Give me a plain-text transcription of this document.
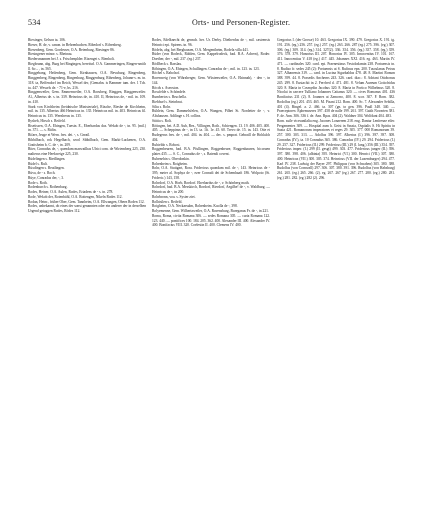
534	Orts- und Personen-Register.

Riexinger, Gelson ta. 106.

Rieser, H. de, v. canon. in Behrenbuchen. Ribedorf s. Rifrenberg.

Riesenberg, Gem. Gordesser, O.A. Beienburg, Riesinger 86.

Riesingener minor. s. Rheinau.

Riedersmannen bei J. s. Frischenplder. Rixenget s. Bienholt.

Riegbrunn, abg. Burg bei Ringingen, bereitsrl. O.A. Gammeringen, Ringen-smith ll. 6o – , tn. 565.

Ringgebang, Heilenberg, Gem. Kirnhausen, O.A. Bevuburg, Ringenberg, Ringgenberg, Ringenberg, Ringenburg, Ringgenburg. Rihenberg, Johann-s. m. tn. 318. ta, Beffendorf im Reich, Wessel der, (Gemahn. is Bammer tum. der. 1 Tcb. ta. 447. Wessels de. - 71-e, bs. 216.

Ringgenweiler, Gem. Emmenweiler, O.A. Roruberg, Ringgen, Ringgenweiler. Al., Albertus de. s. tn. 339. Heinricus de, tn. 410. II, Heinricus de, - mil. tn. 109. tn. 410.

Stark von Kirchheim (heidnische Ministeriale), Rüsche, Riesbe de Kirchheim, mil. tn. 135. Albertus 466 Heinricus tn. 135. Heinricus mil. tn. 403. Heinricus fil. Heinricus tn. 135. Wernherus tn. 135.

Rysbeb, Hirsch s. Reifeld.

Risetissen, O.A. Ehingen, Tuesin. E., Eberhardus dus. Wekob de -, tn. 95. (mil.) tn. 371. — s. Rüfin.

Rifaer, Jeuge et Wern. fres. dei. -, s. Greail.

Ribbilbach, rok Hegelbach, wool Sibbilbach, Gem. Markt-Luckenen, O.A. Graitsheim b. C. de -, tn. 209.

Riter, Conradus de, -, quendam marwatlhas Ulrici com. de Wirtemberg 225, 230. malterus eine Heekweige 225, 230.

Rüdelingen s. Riedlingen.

Rüdel s. Rult.

Rüxdingen s. Reutlingen.

Rüva, de - s. Roch.

Rüye, Conradus der, -, 3.

Rode s. Roth.

Rodenburch s. Rothenburg.

Rodes, Heiner, O.A. Aulen, Rodes, Eriadens de - s. tn. 278.

Rode, Wekob der, Rotenbühl, O.A. Rottengen, Nikeln Rodes 112.

Rodan, Heinr., früher Ober, Gem. Tannheim, O.A. Ellwangen, Obern Roden 112.

Rodes, unbekannt, ob eines der sonst genannten oder ein anderer der in derselben Urgend getaggen Rodes, Rödes 112.

Rodes, Edelknecht de, gennch. her. Ur. Derby. Dietherdus de -, mil. castrensis Heinrici epi. Spirens. tn. 96.

Rödeln, abg. bei Berghausen, O.A. Mergentheim, Rodela villa 441.

Rüder (von Rodeck, Rüblen, Gem. Kappelrodeck, bad. B.A. Achern), Roder. Doether, der -, mil. 237. (eg.) 237.

Rödlbeck s. Rasslau.

Röbingen, O.A. Ehingen, Schullingen. Conradus de -, mil. tn. 123. tn. 123.

Röchel s. Rabolsof.

Rorenweig (von Wihrzberger, Gem. Wüstenweiler, O.A. Ebinnab), - den -, tn 144.

Röcds s. Aseoston.

Rossfelde s. Schöndele.

Rumbertos s. Bruchella.

Riebhsel s. Steinbrut.

Siltu s. Rohr.

Rühlein, Gem. Dammelsfelen, O.A. Wangen, Pilbet St. Nordetter de -, v. Altshausen. Adilinge s. H. collins.

Stittia s. Rolt.

Rötingen, bei. A.D. Aub, Bez., Villingen, Roth., Schiengen. 13. 19. 406. 405. 400. 405. — Scheppinus de -, tn 13. ta. 1ft. 1e. 45. 60. Trevo de. 15. tn. 143. Otte et Rudegerus fres. de -, mil. 404. tn. 404. — dec. s. pmprat. Gebraill de Hohlalch 404.

Rubieldo s. Robost.

Roggenbeuren, bad. B.A. Pfullingen, Roggenbeure, Roggenbauren, bicoruen plates 435. — S. C., Conradus de -, s. Baiendi covent.

Rubenehin s. Oberdonkin.

Rohenheim s. Roigheim.

Rohr, O.A. Stuttgart, Rora. Fridericus quondam mil. de -, 143. Heinricus de - 395; meter al. Sophya de -, ezer Conradi dei de Schemhaaft 186. Wolpoto (St. Frideric.) 143, 158.

Rohrdorf, O.A. Horb, Rordorf. Eberhardus de -, v. Schönberg math.

Rohrdorf, bad. B.A. Messkirch, Rordorf, Rierdorf, Aegilbe! de -, v. Waldburg. — Heinricus de -, tn 200.

Rohrbronn, voa. s. Syster ziet.

Rolhtsilen s. Reifeld.

Roigheim, O.A. Neckarsulm, Rohenheim. Kuolla de -, 398.

Rolyemenne, Gem. Wilhertzweiler, O.A. Ravensburg, Bureganus Fr. de -, tn 221.

Roma, Roma, civita Romana 306. — sedes Romana 305. — curia Romana 122. 123. 440. — pontifices 100. 184. 205. 362. 400. Alexander III. 400. Alexander IV. 400. Bonifacius VIII. 320. Coelestin II. 400. Clemens IV. 400.

Gregorius I. (der Grosse) 10. 463. Gregorius IX. 390. 479. Gregorius X. 191. tg. 191. 256. (eg.) 256. 257. (eg.) 257. (eg.) 263. 266. 287 (eg.) 275. 396. (eg.) 307. 306. (eg.) 309. 314. (eg.) 314. 327(2). 336. 354. 356. (eg.) 357. 358. (eg.) 359. 376. 378. 379. Honorius III. 207. Honorius IV. 305. Innocentius IV. 101. 167. 411. Innocentius V. 418 (eg.) 417. 445. Johannes XXI. 416. eg. 463. Martin IV. 471. — cardinales 320. card. epi. Praenestinus Vestolodamin 238. Portuensis tn. 8. Rudiso fr. sedes 245 (2): Portuensis ut S. Rufinus epn. 200. Tusculanus Petrus 327. Albanensis 319. — card. in Lucina Sigarbaldus 478. 48. 8. Martini Ronum 388. 399. 44. 8. Praxedis Ancherns 243. 326. card. diac.: 8. Adriani Ottobonus 245. 299. 8. Eustachii in 2. Ferrfred d. 471. 481. 8. Velum Aureum Gottofridus 320. 8. Maria in Cosmydin Jacobus 320. 8. Maria in Portico Wilhelmus 320. 8. Nicolai in carcere Tulliano Johannes Caitanus 320. — cives Romanus 401. 436 Bonifacius 231 (2). 8. Joannes at Zamorro, 400. 8. scor. 307. F. Rom. 382. Rodolfus (eg.) 201. 453. 465. M. Pisani 212. Rom. 400. Sc. 7. Alexander Sebilla, 401 (4). Bingel. a. 2. 466. ta. 307 (gn. to gen. 396. Paull 348. 340. — Praeceptores: Ephemsseres 397. 458 de nalle 199. 261. 397. Gaith Novarien 381. F. de. Ann. 306. 336 f. de. Ann. Rpas. 404 (2). Waldner 304. Wolfdant 404. 483.

Rom. suile vicesantlalia eng. Jacones Lonzerem 218. eng. Dantur Lenfresne eiler. Pergamentes 309. — Hospital zum h. Geist in Sassia, Ospitalis S. Hi Spiritu in Saxia 421. Romanorum imperatores et reges 29. 305. 377. 000 Romanorum 39. 257. 300. 303. 313. — Adolfus 396. 397. Albertus (I.) 396. 397. 397. 308. Conradus (IV.), ta. 10 Conradus 365. 386. Conradus (IV.) 29. 294. Fridericus (I.) 29. 257. 327. Fridericus (II.) 299. Fridericus (III.) 29 (I. lang.) 356 (III.) 354. 397. Fridericus imper. (I.) 299 (II. gesgt) 499. 303. 477. Fridericus junger (II.) 396. 397. 380. 398. 406. (albinia) 395. Heinrici (VI.) 300. Henrici (VII.) 307. 380. 400. Heinricus (VII.) 300. 305. 374. Heinricus (VII. der Luxemburger) 294. 477. Karl IV. 238. Ludwig der Bayer 297. Philippus (von Schwaben) 305. 380. 388. Rudolfus (von Cornwall) 297. 306. 307. 380. 391. 396. Rudolfus (von Habsburg) 261. 265. (eg.) 265. 266. (2). eg. 267. 267 (eg.) 267. 277. 280. (eg.) 280. 281. (eg.) 281. 282. (eg.) 282 (2). 296.
